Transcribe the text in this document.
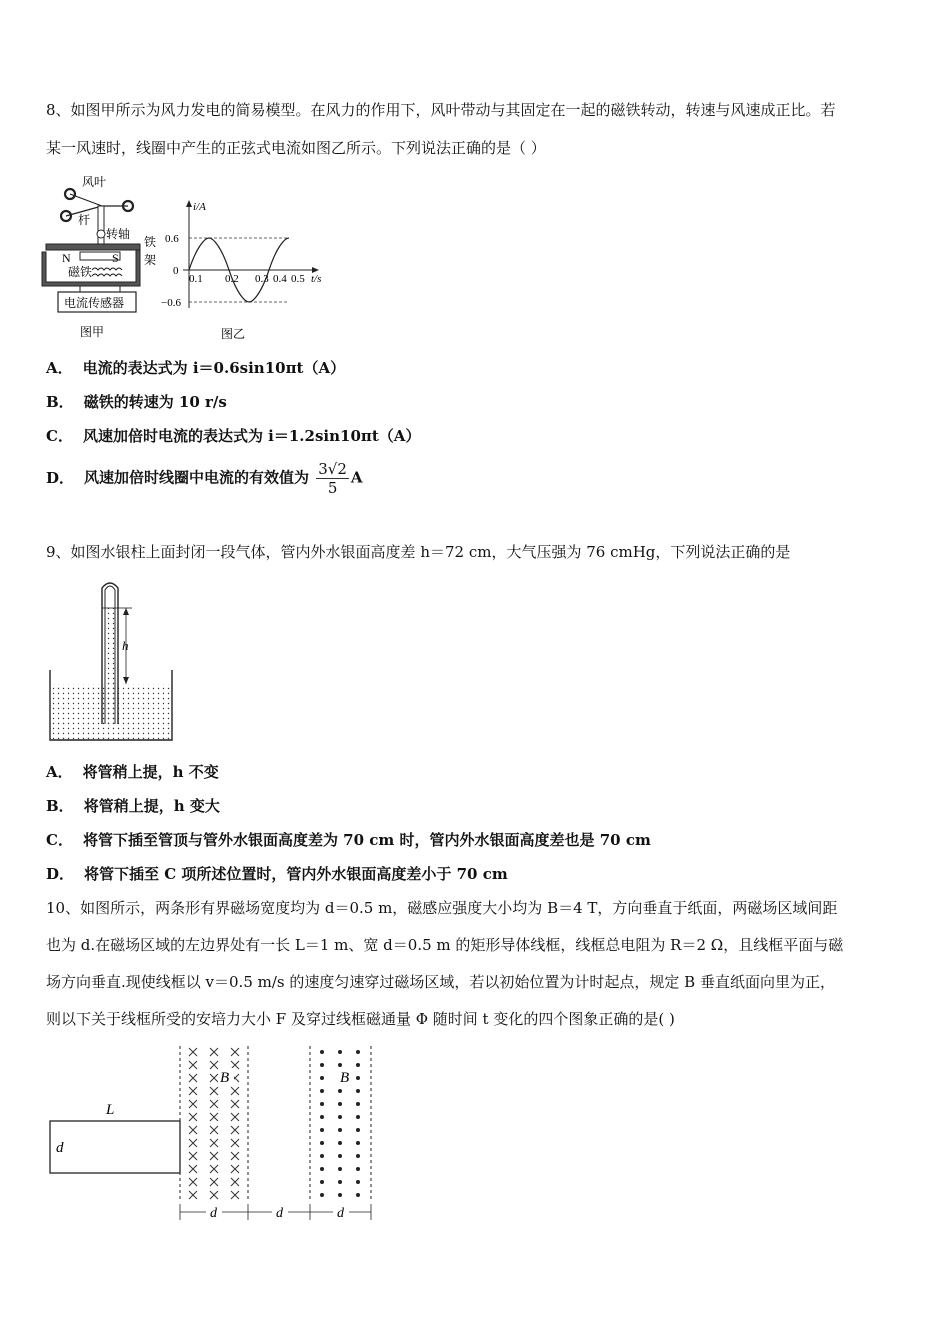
8、如图甲所示为风力发电的简易模型。在风力的作用下，风叶带动与其固定在一起的磁铁转动，转速与风速成正比。若
某一风速时，线圈中产生的正弦式电流如图乙所示。下列说法正确的是（ ）
风叶
杆
转轴
铁
架
N	S
磁铁
电流传感器
图甲
i/A
t/s
0.6
0
−0.6
0.1 0.2 0.3 0.4 0.5
图乙
A． 电流的表达式为 i＝0.6sin10πt（A）
B． 磁铁的转速为 10 r/s
C． 风速加倍时电流的表达式为 i＝1.2sin10πt（A）
D． 风速加倍时线圈中电流的有效值为 $\frac{3√2}{5}$ A
9、如图水银柱上面封闭一段气体，管内外水银面高度差 h＝72 cm，大气压强为 76 cmHg，下列说法正确的是
h
A． 将管稍上提，h 不变
B． 将管稍上提，h 变大
C． 将管下插至管顶与管外水银面高度差为 70 cm 时，管内外水银面高度差也是 70 cm
D． 将管下插至 C 项所述位置时，管内外水银面高度差小于 70 cm
10、如图所示，两条形有界磁场宽度均为 d＝0.5 m，磁感应强度大小均为 B＝4 T，方向垂直于纸面，两磁场区域间距
也为 d.在磁场区域的左边界处有一长 L＝1 m、宽 d＝0.5 m 的矩形导体线框，线框总电阻为 R＝2 Ω，且线框平面与磁
场方向垂直.现使线框以 v＝0.5 m/s 的速度匀速穿过磁场区域，若以初始位置为计时起点，规定 B 垂直纸面向里为正，
则以下关于线框所受的安培力大小 F 及穿过线框磁通量 Φ 随时间 t 变化的四个图象正确的是( )
L
d
B	B
d	d	d
